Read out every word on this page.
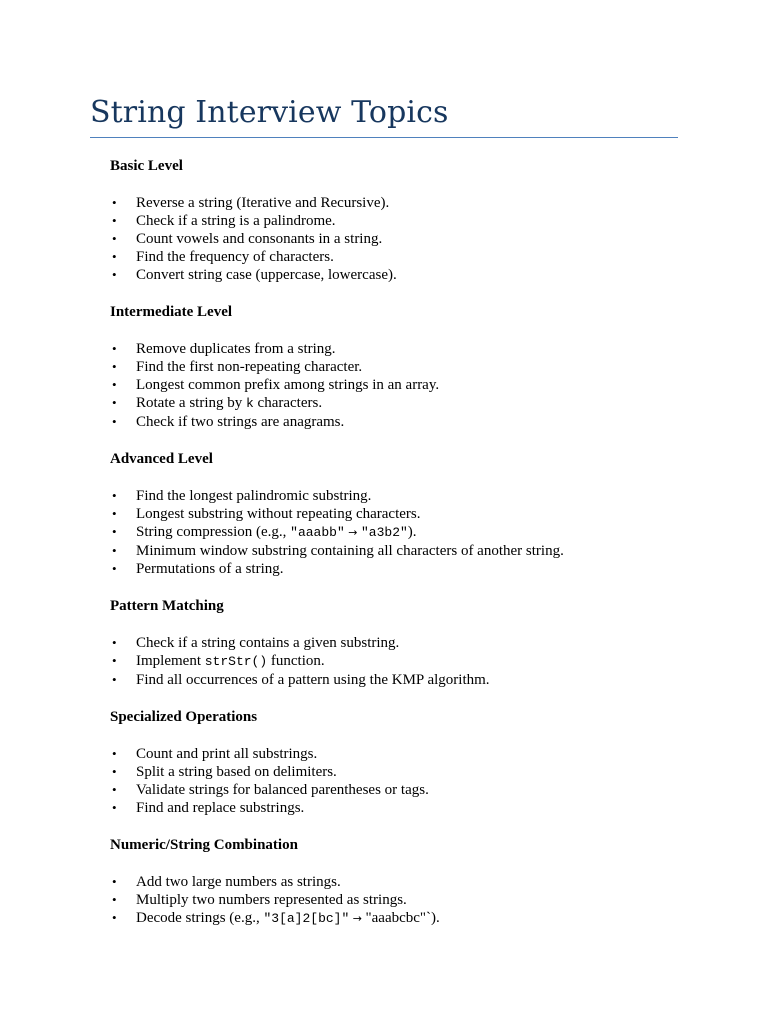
String Interview Topics
Basic Level
• Reverse a string (Iterative and Recursive).
• Check if a string is a palindrome.
• Count vowels and consonants in a string.
• Find the frequency of characters.
• Convert string case (uppercase, lowercase).
Intermediate Level
• Remove duplicates from a string.
• Find the first non-repeating character.
• Longest common prefix among strings in an array.
• Rotate a string by k characters.
• Check if two strings are anagrams.
Advanced Level
• Find the longest palindromic substring.
• Longest substring without repeating characters.
• String compression (e.g., "aaabb" → "a3b2").
• Minimum window substring containing all characters of another string.
• Permutations of a string.
Pattern Matching
• Check if a string contains a given substring.
• Implement strStr() function.
• Find all occurrences of a pattern using the KMP algorithm.
Specialized Operations
• Count and print all substrings.
• Split a string based on delimiters.
• Validate strings for balanced parentheses or tags.
• Find and replace substrings.
Numeric/String Combination
• Add two large numbers as strings.
• Multiply two numbers represented as strings.
• Decode strings (e.g., "3[a]2[bc]" → "aaabcbc"`).
